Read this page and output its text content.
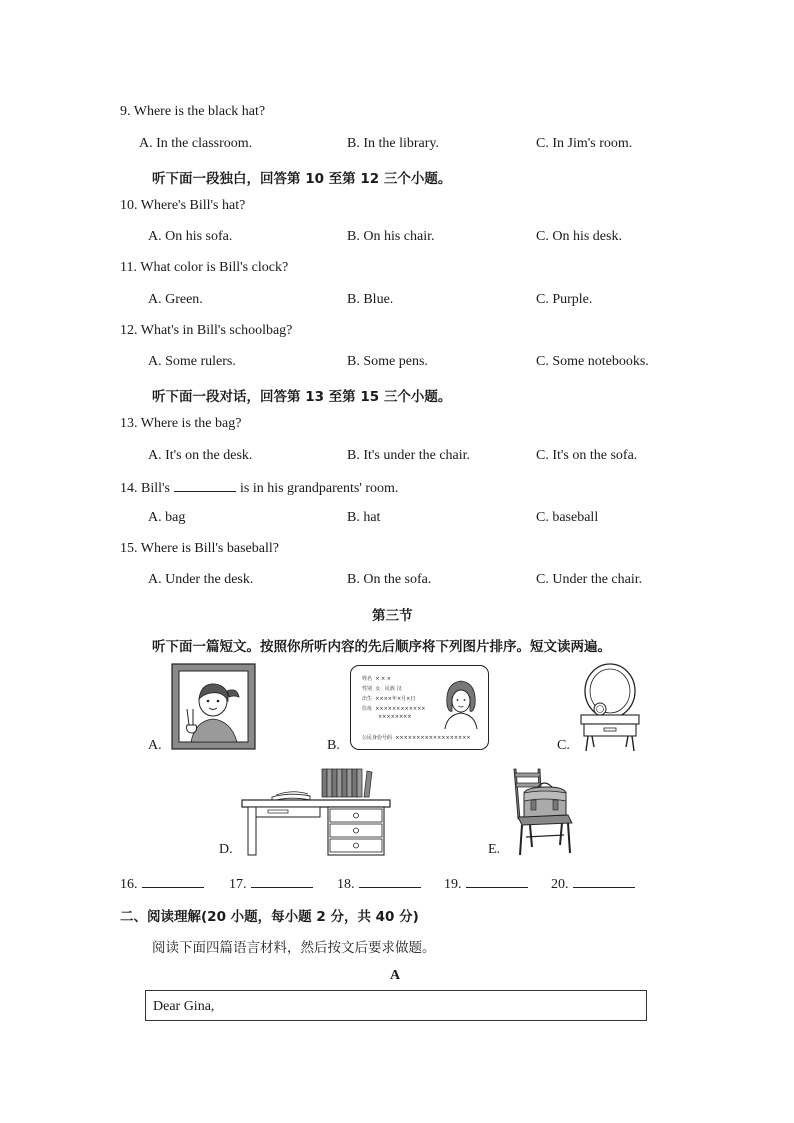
9. Where is the black hat?
A. In the classroom.	B. In the library.	C. In Jim's room.
听下面一段独白，回答第 10 至第 12 三个小题。
10. Where's Bill's hat?
A. On his sofa.	B. On his chair.	C. On his desk.
11. What color is Bill's clock?
A. Green.	B. Blue.	C. Purple.
12. What's in Bill's schoolbag?
A. Some rulers.	B. Some pens.	C. Some notebooks.
听下面一段对话，回答第 13 至第 15 三个小题。
13. Where is the bag?
A. It's on the desk.	B. It's under the chair.	C. It's on the sofa.
14. Bill's	is in his grandparents' room.
A. bag	B. hat	C. baseball
15. Where is Bill's baseball?
A. Under the desk.	B. On the sofa.	C. Under the chair.
第三节
听下面一篇短文。按照你所听内容的先后顺序将下列图片排序。短文读两遍。
A.	B.
姓名 × × ×
性别 女 民族 汉
出生 ××××年×月×日
住址 ××××××××××××
××××××××
公民身份号码 ××××××××××××××××××	C.
D.	E.
16.	17.	18.	19.	20.
二、阅读理解(20 小题，每小题 2 分，共 40 分)
阅读下面四篇语言材料，然后按文后要求做题。
A
Dear Gina,
